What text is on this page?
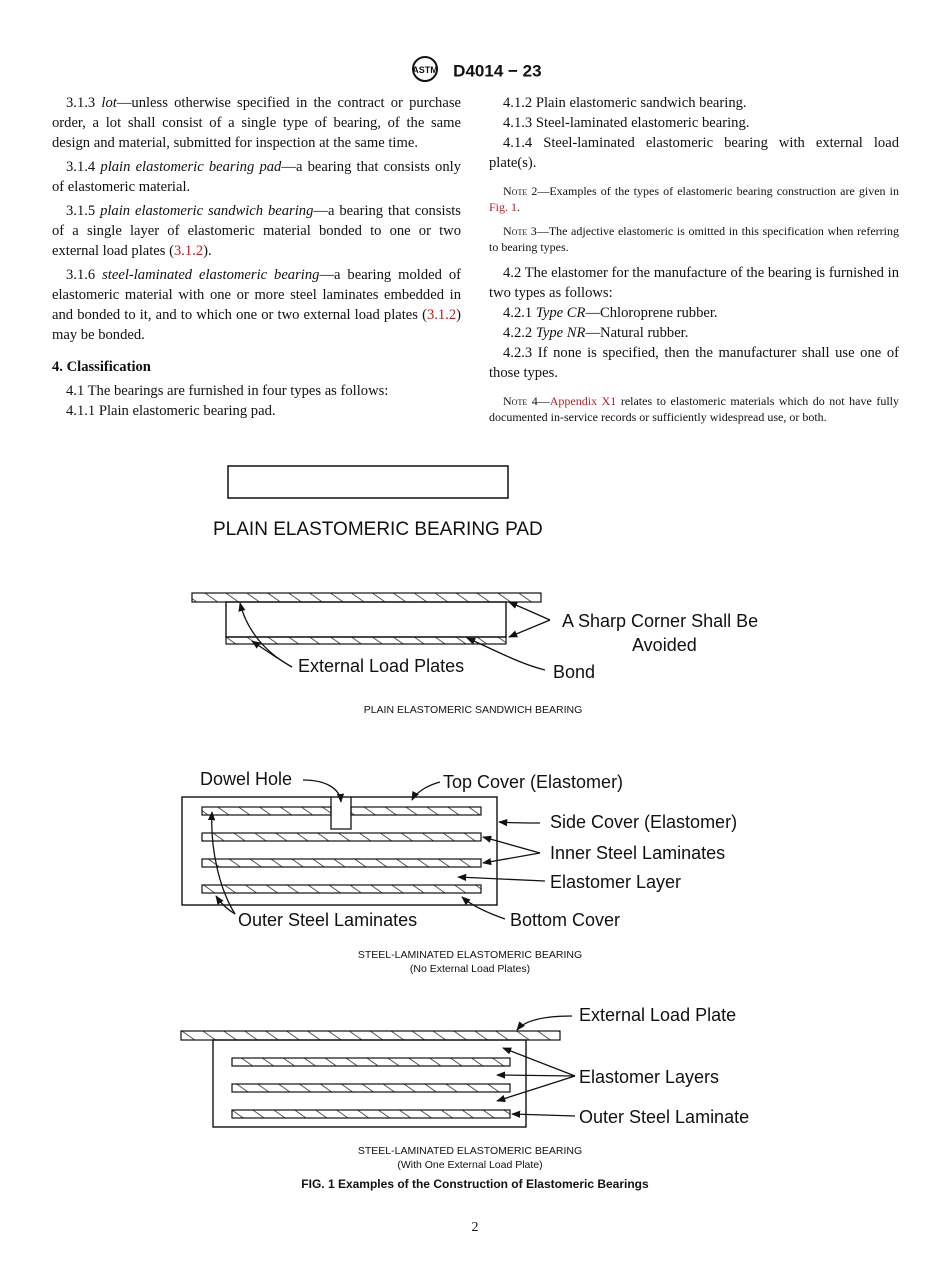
ASTM D4014 − 23

3.1.3 lot—unless otherwise specified in the contract or purchase order, a lot shall consist of a single type of bearing, of the same design and material, submitted for inspection at the same time.

3.1.4 plain elastomeric bearing pad—a bearing that consists only of elastomeric material.

3.1.5 plain elastomeric sandwich bearing—a bearing that consists of a single layer of elastomeric material bonded to one or two external load plates (3.1.2).

3.1.6 steel-laminated elastomeric bearing—a bearing molded of elastomeric material with one or more steel laminates embedded in and bonded to it, and to which one or two external load plates (3.1.2) may be bonded.

4. Classification

4.1 The bearings are furnished in four types as follows:

4.1.1 Plain elastomeric bearing pad.

4.1.2 Plain elastomeric sandwich bearing.

4.1.3 Steel-laminated elastomeric bearing.

4.1.4 Steel-laminated elastomeric bearing with external load plate(s).

Note 2—Examples of the types of elastomeric bearing construction are given in Fig. 1.

Note 3—The adjective elastomeric is omitted in this specification when referring to bearing types.

4.2 The elastomer for the manufacture of the bearing is furnished in two types as follows:

4.2.1 Type CR—Chloroprene rubber.

4.2.2 Type NR—Natural rubber.

4.2.3 If none is specified, then the manufacturer shall use one of those types.

Note 4—Appendix X1 relates to elastomeric materials which do not have fully documented in-service records or sufficiently widespread use, or both.

PLAIN ELASTOMERIC BEARING PAD
A Sharp Corner Shall Be
Avoided
External Load Plates	Bond
PLAIN ELASTOMERIC SANDWICH BEARING
Dowel Hole	Top Cover (Elastomer)
Side Cover (Elastomer)
Inner Steel Laminates
Elastomer Layer
Outer Steel Laminates	Bottom Cover
STEEL-LAMINATED ELASTOMERIC BEARING
(No External Load Plates)
External Load Plate
Elastomer Layers
Outer Steel Laminate
STEEL-LAMINATED ELASTOMERIC BEARING
(With One External Load Plate)
FIG. 1 Examples of the Construction of Elastomeric Bearings
2
